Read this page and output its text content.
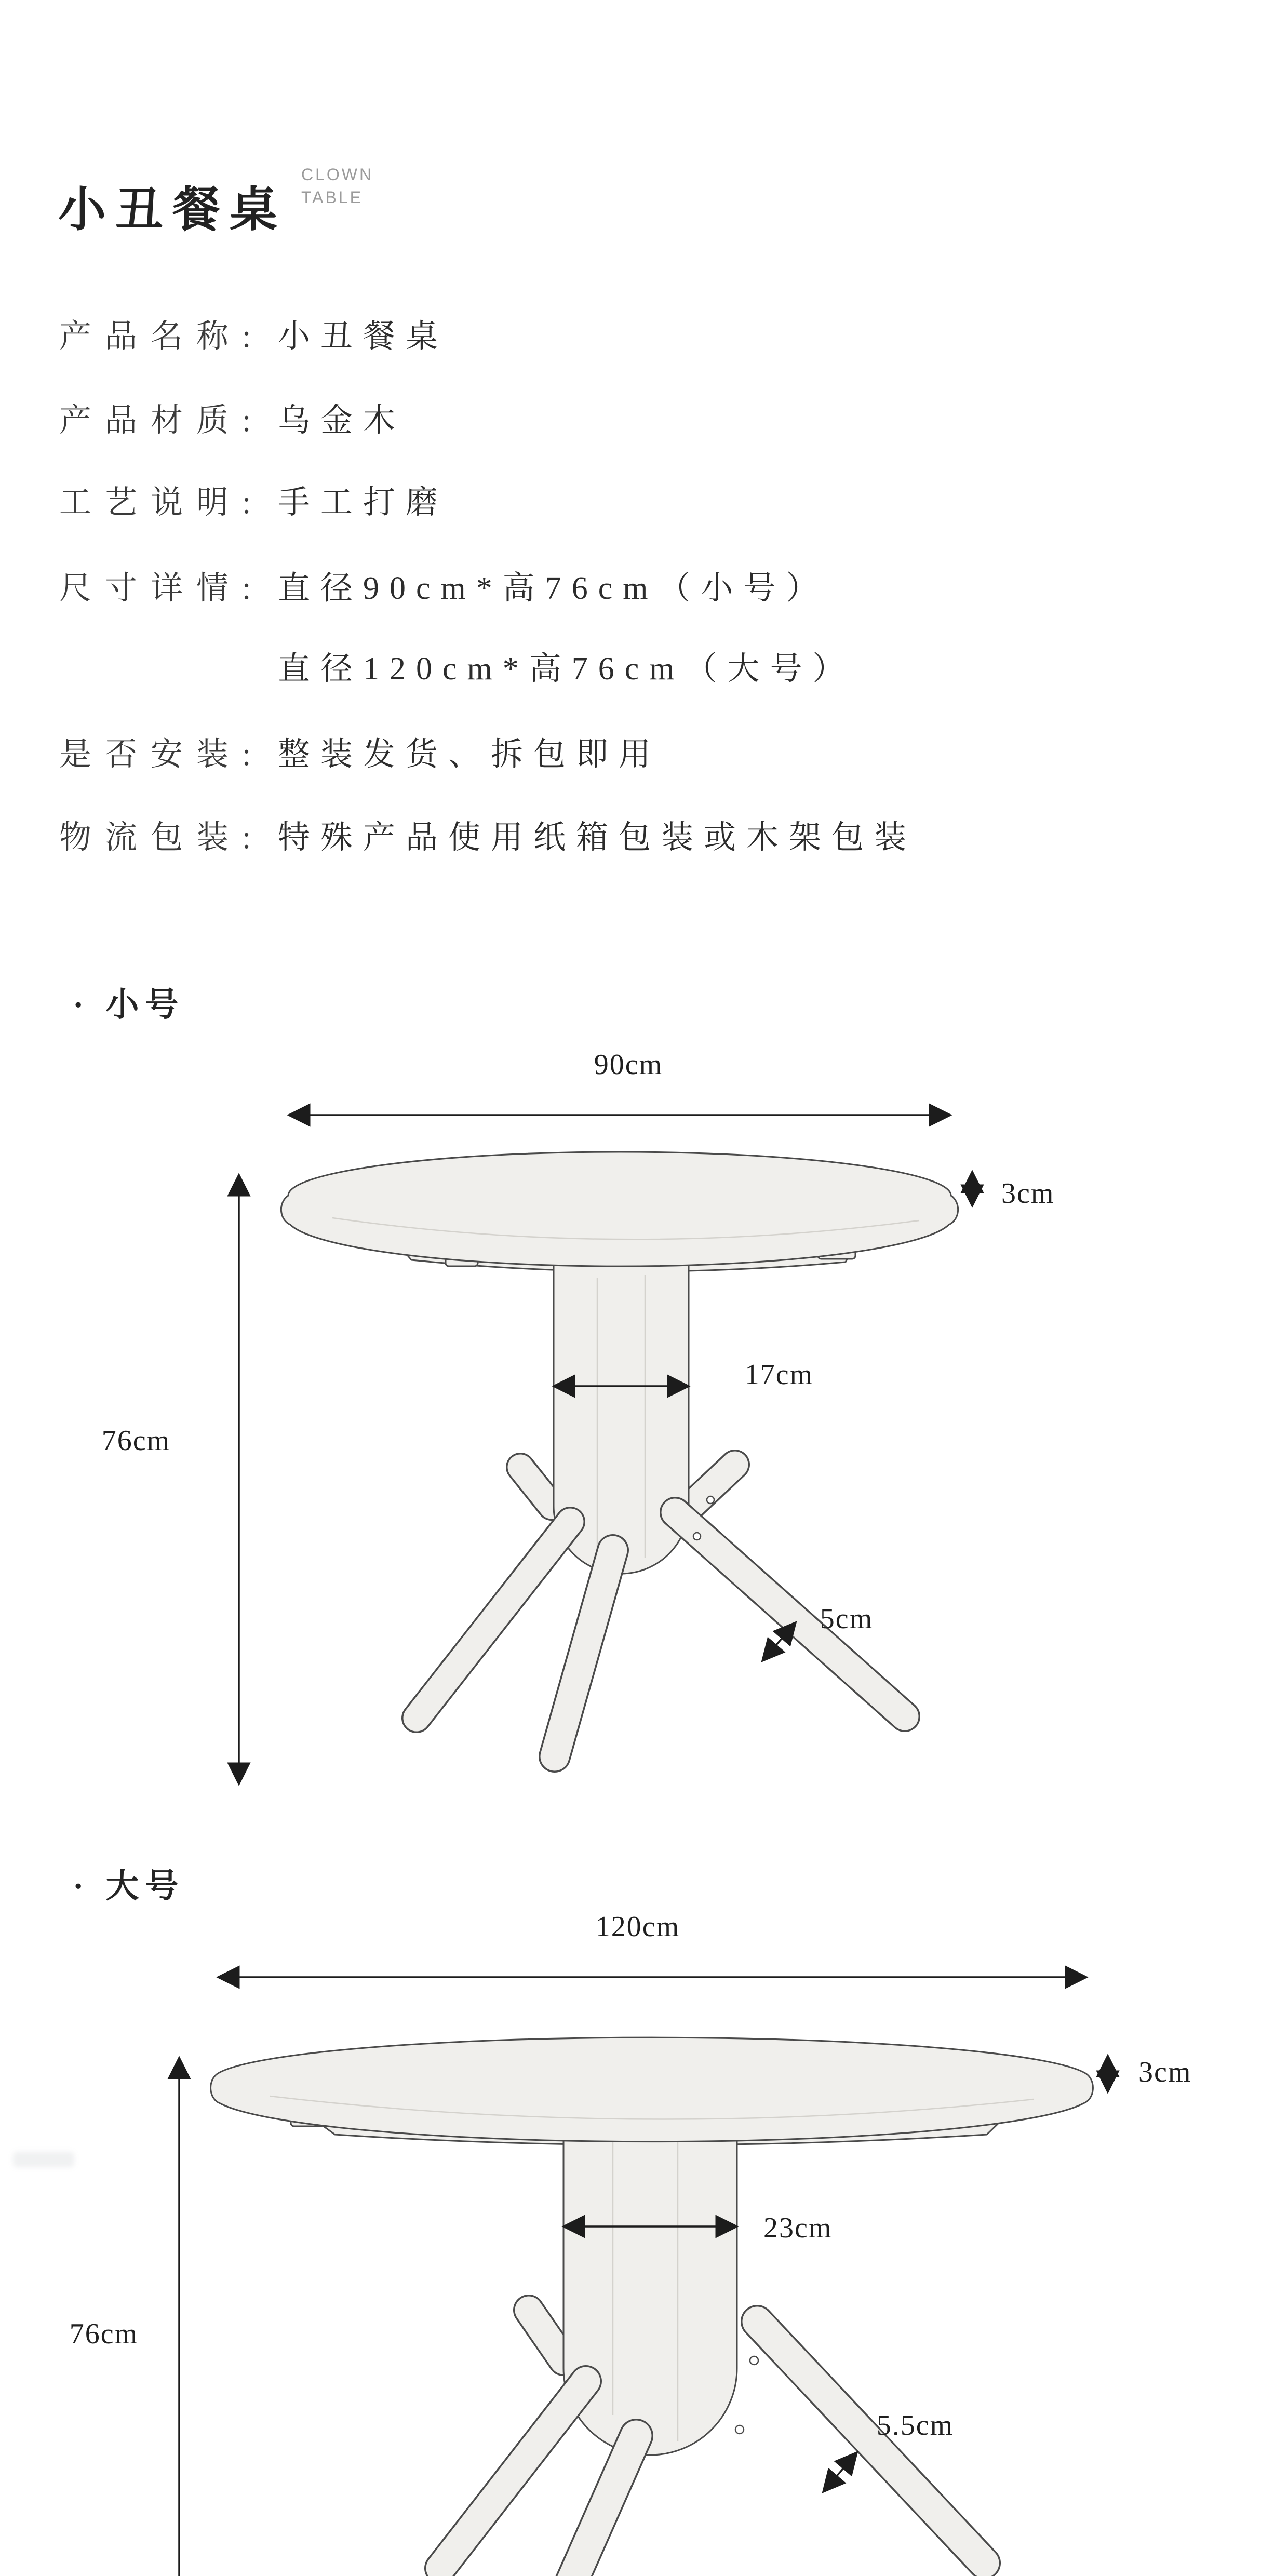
小丑餐桌
CLOWN
TABLE
产品名称: 小丑餐桌
产品材质: 乌金木
工艺说明: 手工打磨
尺寸详情: 直径90cm*高76cm（小号）
直径120cm*高76cm（大号）
是否安装: 整装发货、拆包即用
物流包装: 特殊产品使用纸箱包装或木架包装
· 小号
90cm
3cm
17cm
76cm
5cm
· 大号
120cm
3cm
23cm
76cm
5.5cm
